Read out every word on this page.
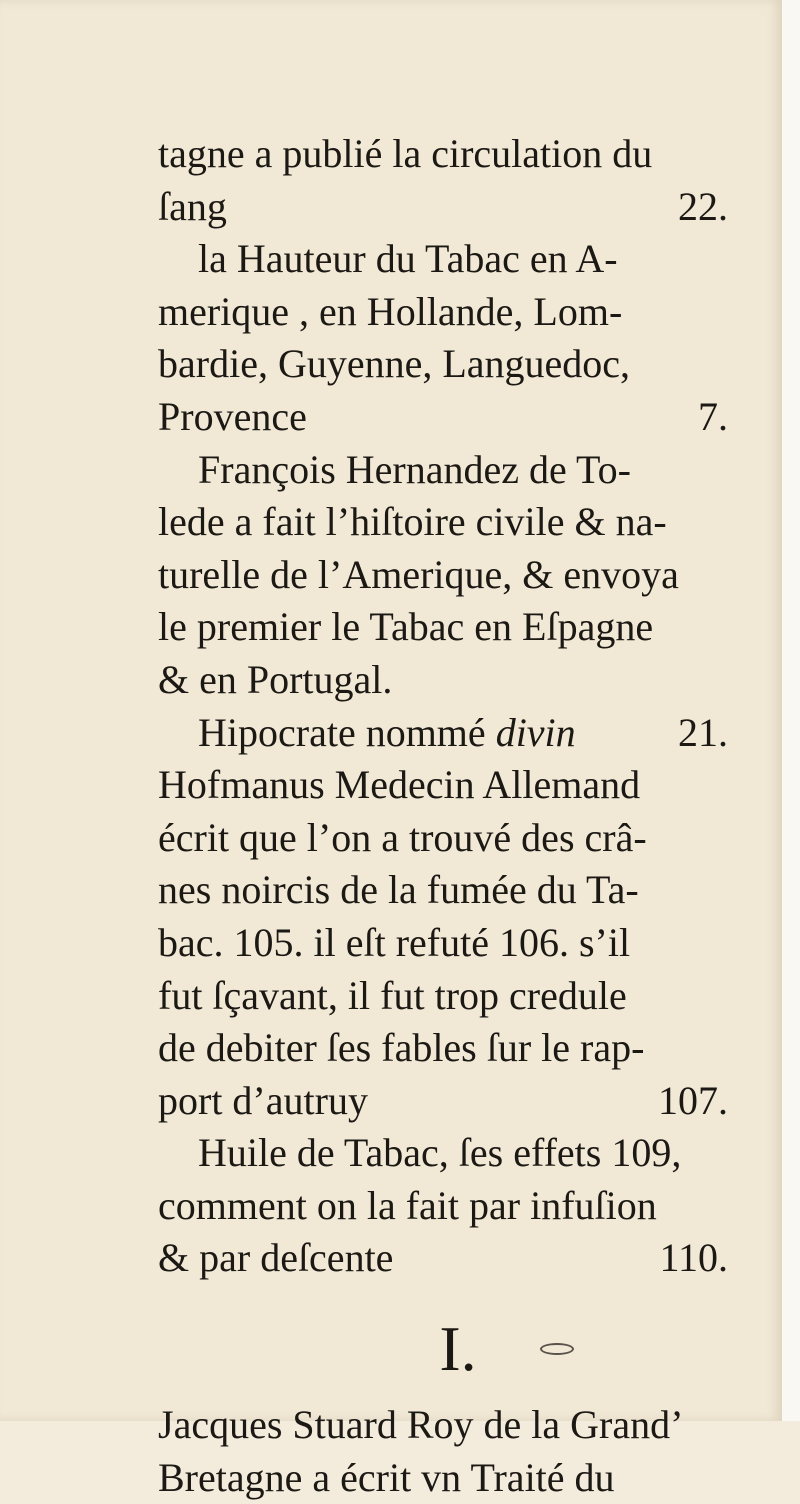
tagne a publié la circulation du
ſang	22.
la Hauteur du Tabac en A-
merique , en Hollande, Lom-
bardie, Guyenne, Languedoc,
Provence	7.
François Hernandez de To-
lede a fait l’hiſtoire civile & na-
turelle de l’Amerique, & envoya
le premier le Tabac en Eſpagne
& en Portugal.
Hipocrate nommé divin	21.
Hofmanus Medecin Allemand
écrit que l’on a trouvé des crâ-
nes noircis de la fumée du Ta-
bac. 105. il eſt refuté 106. s’il
fut ſçavant, il fut trop credule
de debiter ſes fables ſur le rap-
port d’autruy	107.
Huile de Tabac, ſes effets 109,
comment on la fait par infuſion
& par deſcente	110.
I.
Jacques Stuard Roy de la Grand’
Bretagne a écrit vn Traité du
